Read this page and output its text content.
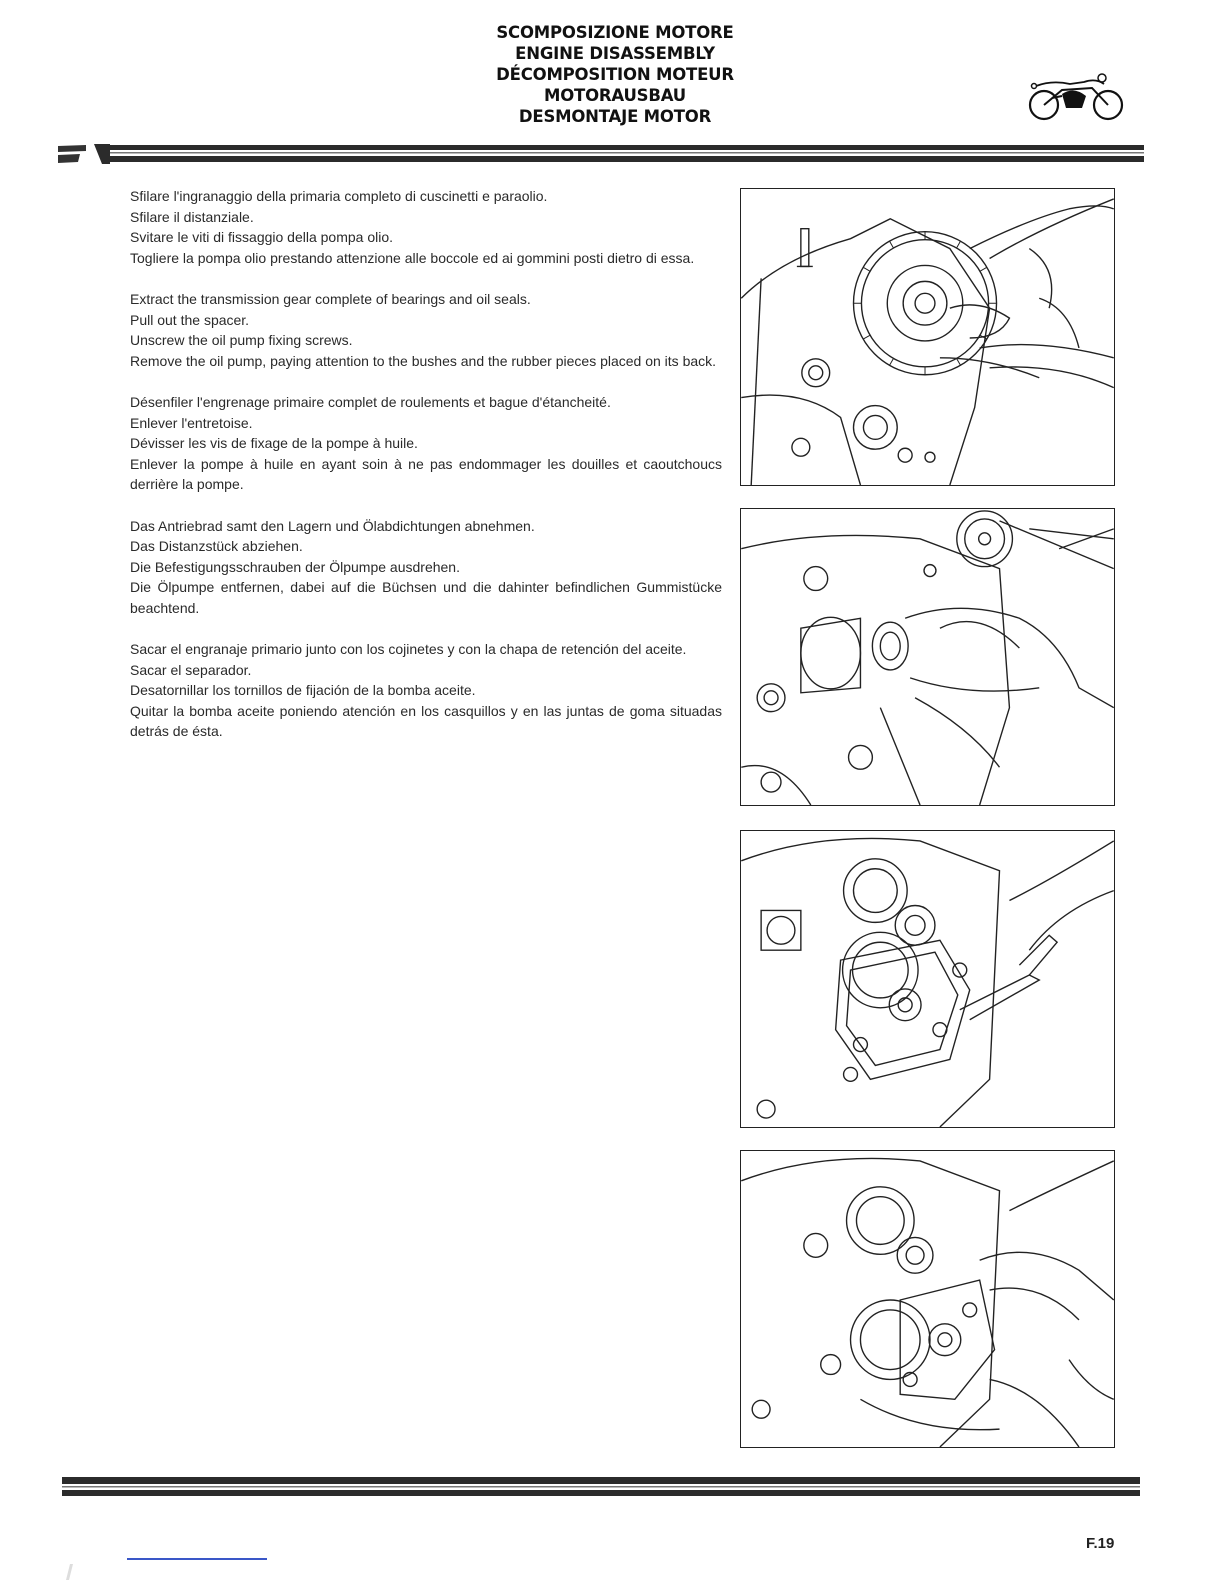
SCOMPOSIZIONE MOTORE
ENGINE DISASSEMBLY
DÉCOMPOSITION MOTEUR
MOTORAUSBAU
DESMONTAJE MOTOR
Sfilare l'ingranaggio della primaria completo di cuscinetti e paraolio.
Sfilare il distanziale.
Svitare le viti di fissaggio della pompa olio.
Togliere la pompa olio prestando attenzione alle boccole ed ai gommini posti dietro di essa.
Extract the transmission gear complete of bearings and oil seals.
Pull out the spacer.
Unscrew the oil pump fixing screws.
Remove the oil pump, paying attention to the bushes and the rubber pieces placed on its back.
Désenfiler l'engrenage primaire complet de roulements et bague d'étancheité.
Enlever l'entretoise.
Dévisser les vis de fixage de la pompe à huile.
Enlever la pompe à huile en ayant soin à ne pas endommager les douilles et caoutchoucs derrière la pompe.
Das Antriebrad samt den Lagern und Ölabdichtungen abnehmen.
Das Distanzstück abziehen.
Die Befestigungsschrauben der Ölpumpe ausdrehen.
Die Ölpumpe entfernen, dabei auf die Büchsen und die dahinter befindlichen Gummistücke beachtend.
Sacar el engranaje primario junto con los cojinetes y con la chapa de retención del aceite.
Sacar el separador.
Desatornillar los tornillos de fijación de la bomba aceite.
Quitar la bomba aceite poniendo atención en los casquillos y en las juntas de goma situadas detrás de ésta.
F.19
